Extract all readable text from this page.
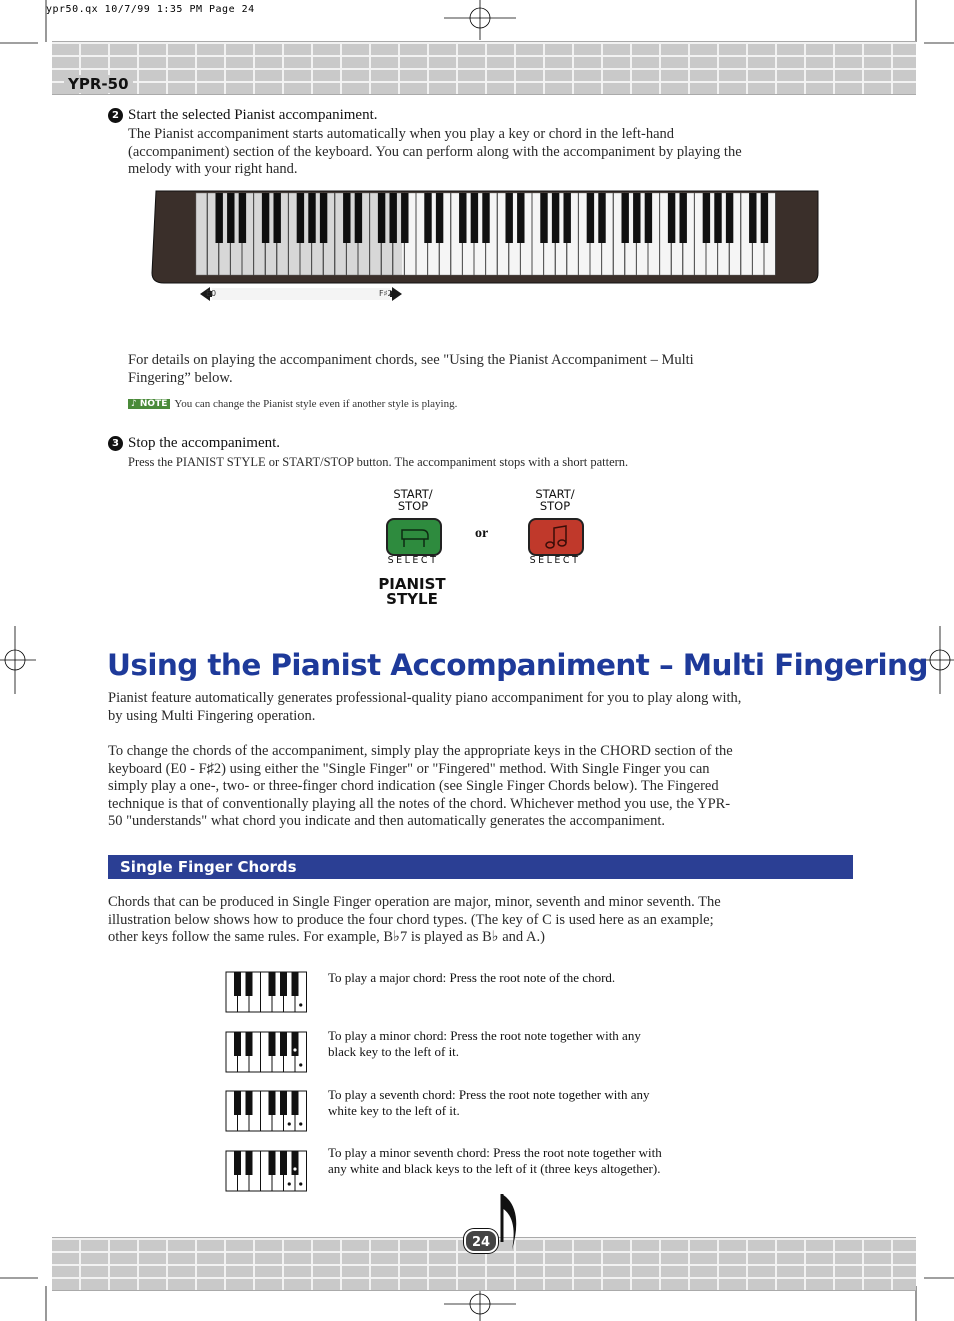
ypr50.qx 10/7/99 1:35 PM Page 24
YPR-50
2 Start the selected Pianist accompaniment.
The Pianist accompaniment starts automatically when you play a key or chord in the left-hand
(accompaniment) section of the keyboard. You can perform along with the accompaniment by playing the
melody with your right hand.
E0	F♯2
For details on playing the accompaniment chords, see "Using the Pianist Accompaniment – Multi
Fingering” below.
♪ NOTE You can change the Pianist style even if another style is playing.
3 Stop the accompaniment.
Press the PIANIST STYLE or START/STOP button. The accompaniment stops with a short pattern.
START/
STOP
SELECT
PIANIST
STYLE
or
START/
STOP
SELECT
Using the Pianist Accompaniment – Multi Fingering
Pianist feature automatically generates professional-quality piano accompaniment for you to play along with,
by using Multi Fingering operation.
To change the chords of the accompaniment, simply play the appropriate keys in the CHORD section of the
keyboard (E0 - F♯2) using either the "Single Finger" or "Fingered" method. With Single Finger you can
simply play a one-, two- or three-finger chord indication (see Single Finger Chords below). The Fingered
technique is that of conventionally playing all the notes of the chord. Whichever method you use, the YPR-
50 "understands" what chord you indicate and then automatically generates the accompaniment.
Single Finger Chords
Chords that can be produced in Single Finger operation are major, minor, seventh and minor seventh. The
illustration below shows how to produce the four chord types. (The key of C is used here as an example;
other keys follow the same rules. For example, B♭7 is played as B♭ and A.)
To play a major chord: Press the root note of the chord.
To play a minor chord: Press the root note together with any
black key to the left of it.
To play a seventh chord: Press the root note together with any
white key to the left of it.
To play a minor seventh chord: Press the root note together with
any white and black keys to the left of it (three keys altogether).
24
